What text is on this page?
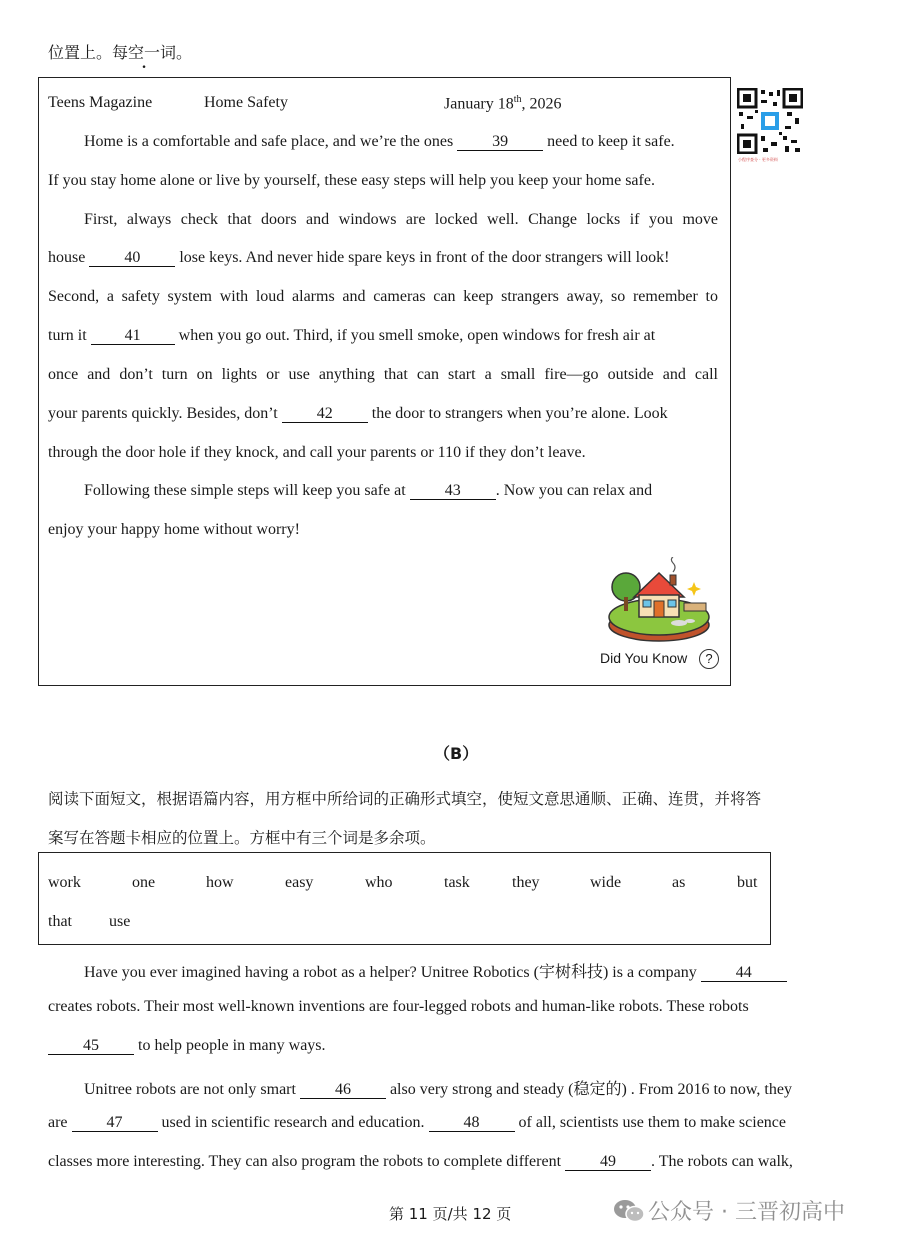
位置上。每空一词。
Teens Magazine	Home Safety	January 18th, 2026
Home is a comfortable and safe place, and we’re the ones 39 need to keep it safe.
If you stay home alone or live by yourself, these easy steps will help you keep your home safe.
First, always check that doors and windows are locked well. Change locks if you move
house 40 lose keys. And never hide spare keys in front of the door strangers will look!
Second, a safety system with loud alarms and cameras can keep strangers away, so remember to
turn it 41 when you go out. Third, if you smell smoke, open windows for fresh air at
once and don’t turn on lights or use anything that can start a small fire—go outside and call
your parents quickly. Besides, don’t 42 the door to strangers when you’re alone. Look
through the door hole if they knock, and call your parents or 110 if they don’t leave.
Following these simple steps will keep you safe at 43 . Now you can relax and
enjoy your happy home without worry!
Did You Know	?
小程序查分 · 更多资料
（B）
阅读下面短文，根据语篇内容，用方框中所给词的正确形式填空，使短文意思通顺、正确、连贯，并将答
案写在答题卡相应的位置上。方框中有三个词是多余项。
work	one	how	easy	who	task	they	wide	as	but
that use
Have you ever imagined having a robot as a helper? Unitree Robotics (宇树科技) is a company 44
creates robots. Their most well-known inventions are four-legged robots and human-like robots. These robots
45 to help people in many ways.
Unitree robots are not only smart 46 also very strong and steady (稳定的) . From 2016 to now, they
are 47 used in scientific research and education. 48 of all, scientists use them to make science
classes more interesting. They can also program the robots to complete different 49 . The robots can walk,
第 11 页/共 12 页	公众号 · 三晋初高中
